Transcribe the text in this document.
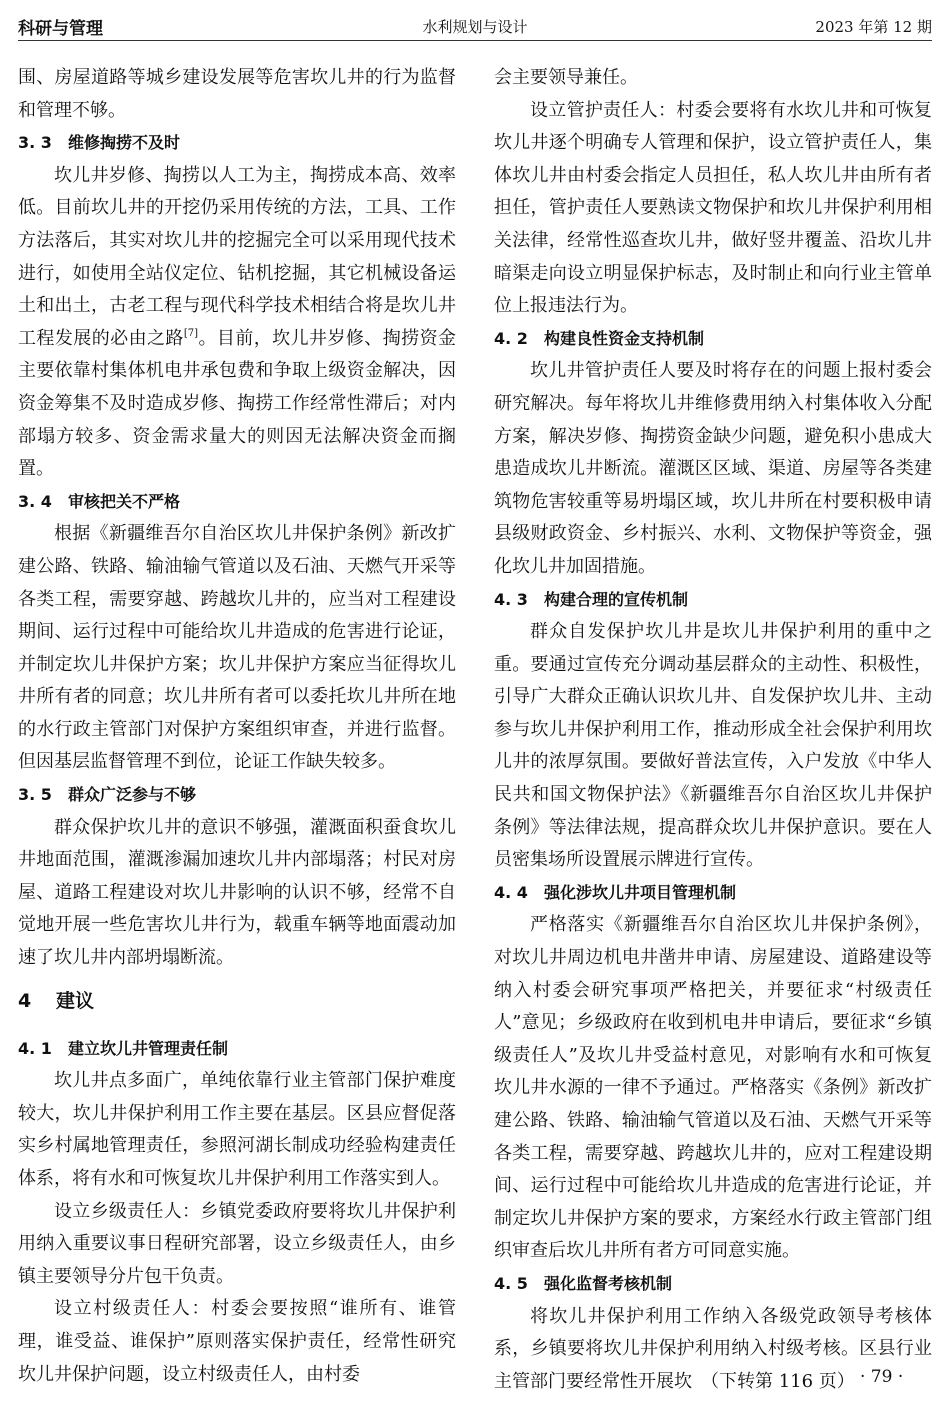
科研与管理	水利规划与设计	2023 年第 12 期

围、房屋道路等城乡建设发展等危害坎儿井的行为监督和管理不够。

3. 3 维修掏捞不及时

坎儿井岁修、掏捞以人工为主，掏捞成本高、效率低。目前坎儿井的开挖仍采用传统的方法，工具、工作方法落后，其实对坎儿井的挖掘完全可以采用现代技术进行，如使用全站仪定位、钻机挖掘，其它机械设备运土和出土，古老工程与现代科学技术相结合将是坎儿井工程发展的必由之路[7]。目前，坎儿井岁修、掏捞资金主要依靠村集体机电井承包费和争取上级资金解决，因资金筹集不及时造成岁修、掏捞工作经常性滞后；对内部塌方较多、资金需求量大的则因无法解决资金而搁置。

3. 4 审核把关不严格

根据《新疆维吾尔自治区坎儿井保护条例》新改扩建公路、铁路、输油输气管道以及石油、天燃气开采等各类工程，需要穿越、跨越坎儿井的，应当对工程建设期间、运行过程中可能给坎儿井造成的危害进行论证，并制定坎儿井保护方案；坎儿井保护方案应当征得坎儿井所有者的同意；坎儿井所有者可以委托坎儿井所在地的水行政主管部门对保护方案组织审查，并进行监督。但因基层监督管理不到位，论证工作缺失较多。

3. 5 群众广泛参与不够

群众保护坎儿井的意识不够强，灌溉面积蚕食坎儿井地面范围，灌溉渗漏加速坎儿井内部塌落；村民对房屋、道路工程建设对坎儿井影响的认识不够，经常不自觉地开展一些危害坎儿井行为，载重车辆等地面震动加速了坎儿井内部坍塌断流。

4 建议
4. 1 建立坎儿井管理责任制

坎儿井点多面广，单纯依靠行业主管部门保护难度较大，坎儿井保护利用工作主要在基层。区县应督促落实乡村属地管理责任，参照河湖长制成功经验构建责任体系，将有水和可恢复坎儿井保护利用工作落实到人。

设立乡级责任人：乡镇党委政府要将坎儿井保护利用纳入重要议事日程研究部署，设立乡级责任人，由乡镇主要领导分片包干负责。

设立村级责任人：村委会要按照“谁所有、谁管理，谁受益、谁保护”原则落实保护责任，经常性研究坎儿井保护问题，设立村级责任人，由村委

会主要领导兼任。

设立管护责任人：村委会要将有水坎儿井和可恢复坎儿井逐个明确专人管理和保护，设立管护责任人，集体坎儿井由村委会指定人员担任，私人坎儿井由所有者担任，管护责任人要熟读文物保护和坎儿井保护利用相关法律，经常性巡查坎儿井，做好竖井覆盖、沿坎儿井暗渠走向设立明显保护标志，及时制止和向行业主管单位上报违法行为。

4. 2 构建良性资金支持机制

坎儿井管护责任人要及时将存在的问题上报村委会研究解决。每年将坎儿井维修费用纳入村集体收入分配方案，解决岁修、掏捞资金缺少问题，避免积小患成大患造成坎儿井断流。灌溉区区域、渠道、房屋等各类建筑物危害较重等易坍塌区域，坎儿井所在村要积极申请县级财政资金、乡村振兴、水利、文物保护等资金，强化坎儿井加固措施。

4. 3 构建合理的宣传机制

群众自发保护坎儿井是坎儿井保护利用的重中之重。要通过宣传充分调动基层群众的主动性、积极性，引导广大群众正确认识坎儿井、自发保护坎儿井、主动参与坎儿井保护利用工作，推动形成全社会保护利用坎儿井的浓厚氛围。要做好普法宣传，入户发放《中华人民共和国文物保护法》《新疆维吾尔自治区坎儿井保护条例》等法律法规，提高群众坎儿井保护意识。要在人员密集场所设置展示牌进行宣传。

4. 4 强化涉坎儿井项目管理机制

严格落实《新疆维吾尔自治区坎儿井保护条例》，对坎儿井周边机电井凿井申请、房屋建设、道路建设等纳入村委会研究事项严格把关，并要征求“村级责任人”意见；乡级政府在收到机电井申请后，要征求“乡镇级责任人”及坎儿井受益村意见，对影响有水和可恢复坎儿井水源的一律不予通过。严格落实《条例》新改扩建公路、铁路、输油输气管道以及石油、天燃气开采等各类工程，需要穿越、跨越坎儿井的，应对工程建设期间、运行过程中可能给坎儿井造成的危害进行论证，并制定坎儿井保护方案的要求，方案经水行政主管部门组织审查后坎儿井所有者方可同意实施。

4. 5 强化监督考核机制

将坎儿井保护利用工作纳入各级党政领导考核体系，乡镇要将坎儿井保护利用纳入村级考核。区县行业主管部门要经常性开展坎　 （下转第 116 页） · 79 ·
